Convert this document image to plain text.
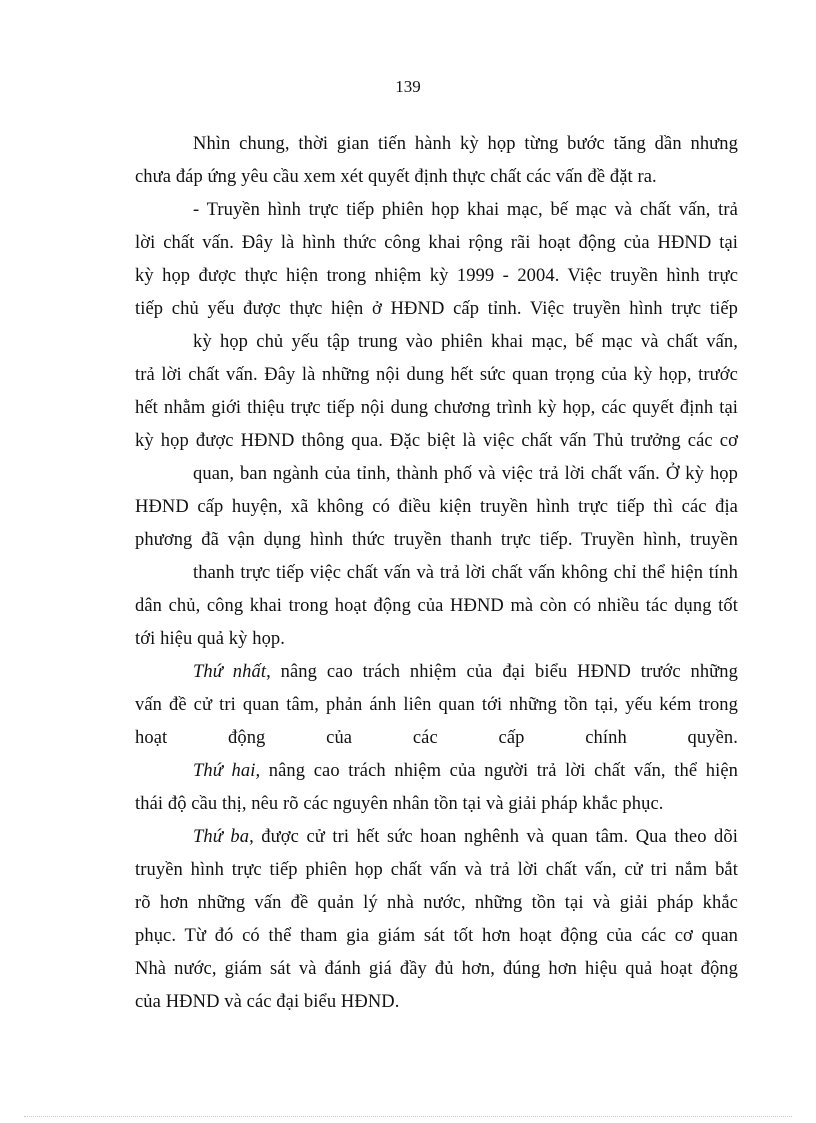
139
Nhìn chung, thời gian tiến hành kỳ họp từng bước tăng dần nhưng
chưa đáp ứng yêu cầu xem xét quyết định thực chất các vấn đề đặt ra.
- Truyền hình trực tiếp phiên họp khai mạc, bế mạc và chất vấn, trả
lời chất vấn. Đây là hình thức công khai rộng rãi hoạt động của HĐND tại
kỳ họp được thực hiện trong nhiệm kỳ 1999 - 2004. Việc truyền hình trực
tiếp chủ yếu được thực hiện ở HĐND cấp tỉnh. Việc truyền hình trực tiếp
kỳ họp chủ yếu tập trung vào phiên khai mạc, bế mạc và chất vấn,
trả lời chất vấn. Đây là những nội dung hết sức quan trọng của kỳ họp, trước
hết nhằm giới thiệu trực tiếp nội dung chương trình kỳ họp, các quyết định tại
kỳ họp được HĐND thông qua. Đặc biệt là việc chất vấn Thủ trưởng các cơ
quan, ban ngành của tỉnh, thành phố và việc trả lời chất vấn. Ở kỳ họp
HĐND cấp huyện, xã không có điều kiện truyền hình trực tiếp thì các địa
phương đã vận dụng hình thức truyền thanh trực tiếp. Truyền hình, truyền
thanh trực tiếp việc chất vấn và trả lời chất vấn không chỉ thể hiện tính
dân chủ, công khai trong hoạt động của HĐND mà còn có nhiều tác dụng tốt
tới hiệu quả kỳ họp.
Thứ nhất, nâng cao trách nhiệm của đại biểu HĐND trước những
vấn đề cử tri quan tâm, phản ánh liên quan tới những tồn tại, yếu kém trong
hoạt động của các cấp chính quyền.
Thứ hai, nâng cao trách nhiệm của người trả lời chất vấn, thể hiện
thái độ cầu thị, nêu rõ các nguyên nhân tồn tại và giải pháp khắc phục.
Thứ ba, được cử tri hết sức hoan nghênh và quan tâm. Qua theo dõi
truyền hình trực tiếp phiên họp chất vấn và trả lời chất vấn, cử tri nắm bắt
rõ hơn những vấn đề quản lý nhà nước, những tồn tại và giải pháp khắc
phục. Từ đó có thể tham gia giám sát tốt hơn hoạt động của các cơ quan
Nhà nước, giám sát và đánh giá đầy đủ hơn, đúng hơn hiệu quả hoạt động
của HĐND và các đại biểu HĐND.
